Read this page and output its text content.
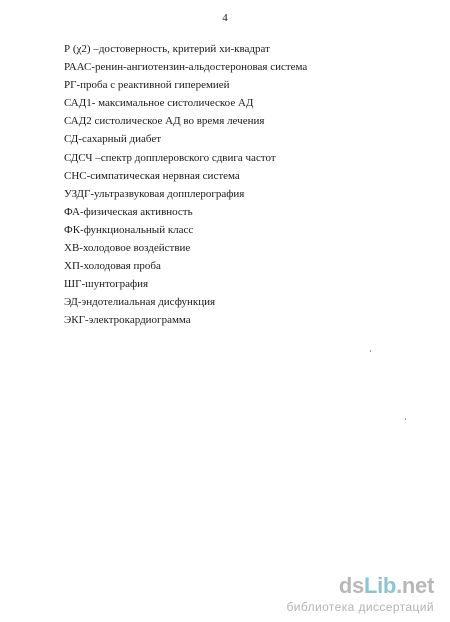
4
Р (χ2) –достоверность, критерий хи-квадрат
РААС-ренин-ангиотензин-альдостероновая система
РГ-проба с реактивной гиперемией
САД1- максимальное систолическое АД
САД2 систолическое АД во время лечения
СД-сахарный диабет
СДСЧ –спектр допплеровского сдвига частот
СНС-симпатическая нервная система
УЗДГ-ультразвуковая допплерография
ФА-физическая активность
ФК-функциональный класс
ХВ-холодовое воздействие
ХП-холодовая проба
ШГ-шунтография
ЭД-эндотелиальная дисфункция
ЭКГ-электрокардиограмма
dsLib.net
библиотека диссертаций
